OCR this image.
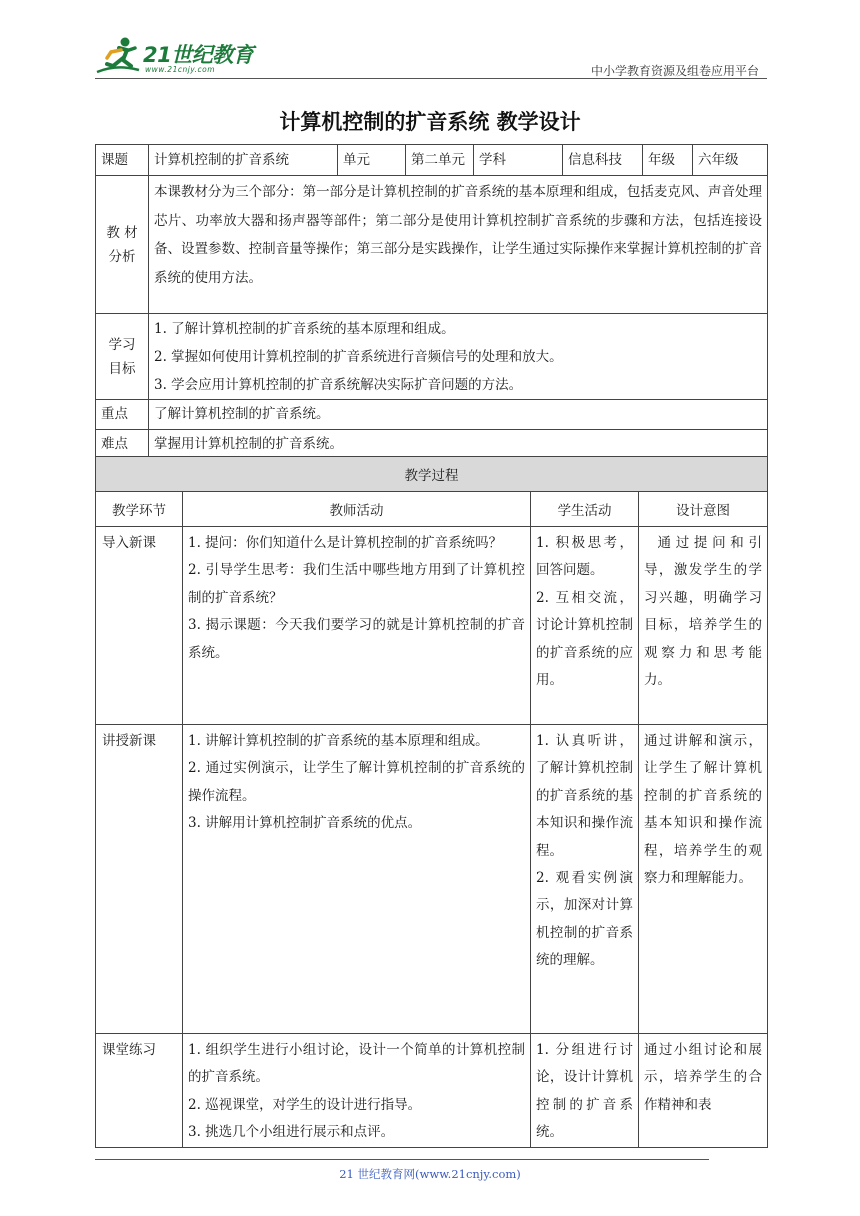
21世纪教育
www.21cnjy.com	中小学教育资源及组卷应用平台
计算机控制的扩音系统 教学设计
课题	计算机控制的扩音系统	单元	第二单元	学科	信息科技	年级	六年级
教 材
分析	本课教材分为三个部分：第一部分是计算机控制的扩音系统的基本原理和组成，包括麦克风、声音处理芯片、功率放大器和扬声器等部件；第二部分是使用计算机控制扩音系统的步骤和方法，包括连接设备、设置参数、控制音量等操作；第三部分是实践操作，让学生通过实际操作来掌握计算机控制的扩音系统的使用方法。						
学习
目标	1. 了解计算机控制的扩音系统的基本原理和组成。
2. 掌握如何使用计算机控制的扩音系统进行音频信号的处理和放大。
3. 学会应用计算机控制的扩音系统解决实际扩音问题的方法。						

重点	了解计算机控制的扩音系统。						
难点	掌握用计算机控制的扩音系统。						
教学过程			
教学环节	教师活动	学生活动	设计意图
导入新课	1. 提问：你们知道什么是计算机控制的扩音系统吗？
2. 引导学生思考：我们生活中哪些地方用到了计算机控制的扩音系统？
3. 揭示课题：今天我们要学习的就是计算机控制的扩音系统。	1. 积极思考，回答问题。
2. 互相交流，讨论计算机控制的扩音系统的应用。	通过提问和引导，激发学生的学习兴趣，明确学习目标，培养学生的观察力和思考能力。
讲授新课	1. 讲解计算机控制的扩音系统的基本原理和组成。
2. 通过实例演示，让学生了解计算机控制的扩音系统的操作流程。
3. 讲解用计算机控制扩音系统的优点。	1. 认真听讲，了解计算机控制的扩音系统的基本知识和操作流程。
2. 观看实例演示，加深对计算机控制的扩音系统的理解。	通过讲解和演示，让学生了解计算机控制的扩音系统的基本知识和操作流程，培养学生的观察力和理解能力。
课堂练习	1. 组织学生进行小组讨论，设计一个简单的计算机控制的扩音系统。
2. 巡视课堂，对学生的设计进行指导。
3. 挑选几个小组进行展示和点评。	1. 分组进行讨论，设计计算机控制的扩音系统。	通过小组讨论和展示，培养学生的合作精神和表
21 世纪教育网(www.21cnjy.com)
